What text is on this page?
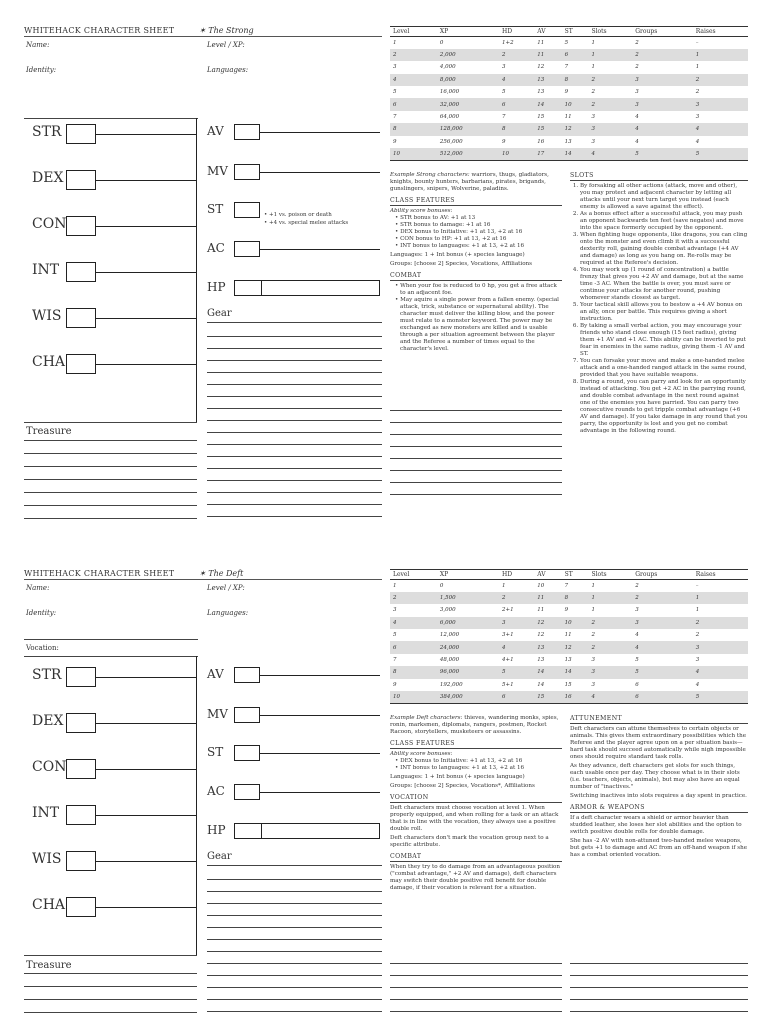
WHITEHACK CHARACTER SHEET	✶ The Strong
Name:	Level / XP:
Identity:	Languages:
STR
DEX
CON
INT
WIS
CHA
AV
MV
ST	• +1 vs. poison or death
• +4 vs. special melee attacks
AC
HP
Gear
Treasure
Level	XP	HD	AV	ST	Slots	Groups	Raises
1	0	1+2	11	5	1	2	–
2	2,000	2	11	6	1	2	1
3	4,000	3	12	7	1	2	1
4	8,000	4	13	8	2	3	2
5	16,000	5	13	9	2	3	2
6	32,000	6	14	10	2	3	3
7	64,000	7	15	11	3	4	3
8	128,000	8	15	12	3	4	4
9	256,000	9	16	13	3	4	4
10	512,000	10	17	14	4	5	5
Example Strong characters: warriors, thugs, gladiators, knights, bounty hunters, barbarians, pirates, brigands, gunslingers, snipers, Wolverine, paladins.
CLASS FEATURES
Ability score bonuses:
• STR bonus to AV: +1 at 13
• STR bonus to damage: +1 at 16
• DEX bonus to Initiative: +1 at 13, +2 at 16
• CON bonus to HP: +1 at 13, +2 at 16
• INT bonus to languages: +1 at 13, +2 at 16
Languages: 1 + Int bonus (+ species language)
Groups: [choose 2] Species, Vocations, Affiliations
COMBAT
• When your foe is reduced to 0 hp, you get a free attack to an adjacent foe.
• May aquire a single power from a fallen enemy. (special attack, trick, substance or supernatural ability). The character must deliver the killing blow, and the power must relate to a monster keyword. The power may be exchanged as new monsters are killed and is usable through a per situation agreement between the player and the Referee a number of times equal to the character's level.
SLOTS
1. By forsaking all other actions (attack, move and other), you may protect and adjacent character by letting all attacks until your next turn target you instead (each enemy is allowed a save against the effect).
2. As a bonus effect after a successful attack, you may push an opponent backwards ten feet (save negates) and move into the space formerly occupied by the opponent.
3. When fighting huge opponents, like dragons, you can cling onto the monster and even climb it with a successful dexterity roll, gaining double combat advantage (+4 AV and damage) as long as you hang on. Re-rolls may be required at the Referee's decision.
4. You may work up (1 round of concentration) a battle frenzy that gives you +2 AV and damage, but at the same time -3 AC. When the battle is over, you must save or continue your attacks for another round, pushing whomever stands closest as target.
5. Your tactical skill allows you to bestow a +4 AV bonus on an ally, once per battle. This requires giving a short instruction.
6. By taking a small verbal action, you may encourage your friends who stand close enough (15 feet radius), giving them +1 AV and +1 AC. This ability can be inverted to put fear in enemies in the same radius, giving them -1 AV and ST.
7. You can forsake your move and make a one-handed melee attack and a one-handed ranged attack in the same round, provided that you have suitable weapons.
8. During a round, you can parry and look for an opportunity instead of attacking. You get +2 AC in the parrying round, and double combat advantage in the next round against one of the enemies you have parried. You can parry two consecutive rounds to get tripple combat advantage (+6 AV and damage). If you take damage in any round that you parry, the opportunity is lost and you get no combat advantage in the following round.
WHITEHACK CHARACTER SHEET	✶ The Deft
Name:	Level / XP:
Identity:	Languages:
Vocation:
STR
DEX
CON
INT
WIS
CHA
AV
MV
ST
AC
HP
Gear
Treasure
Level	XP	HD	AV	ST	Slots	Groups	Raises
1	0	1	10	7	1	2	–
2	1,500	2	11	8	1	2	1
3	3,000	2+1	11	9	1	3	1
4	6,000	3	12	10	2	3	2
5	12,000	3+1	12	11	2	4	2
6	24,000	4	13	12	2	4	3
7	48,000	4+1	13	13	3	5	3
8	96,000	5	14	14	3	5	4
9	192,000	5+1	14	15	3	6	4
10	384,000	6	15	16	4	6	5
Example Deft characters: thieves, wandering monks, spies, ronin, marksmen, diplomats, rangers, postmen, Rocket Racoon, storytellers, musketeers or assassins.
CLASS FEATURES
Ability score bonuses:
• DEX bonus to Initiative: +1 at 13, +2 at 16
• INT bonus to languages: +1 at 13, +2 at 16
Languages: 1 + Int bonus (+ species language)
Groups: [choose 2] Species, Vocations*, Affiliations
VOCATION
Deft characters must choose vocation at level 1. When properly equipped, and when rolling for a task or an attack that is in line with the vocation, they always use a positive double roll.
Deft characters don't mark the vocation group next to a specific attribute.
COMBAT
When they try to do damage from an advantageous position ("combat advantage," +2 AV and damage), deft characters may switch their double positive roll benefit for double damage, if their vocation is relevant for a situation.
ATTUNEMENT
Deft characters can attune themselves to certain objects or animals. This gives them extraordinary possibilities which the Referee and the player agree upon on a per situation basis—hard task should succeed automatically while nigh impossible ones should require standard task rolls.
As they advance, deft characters get slots for such things, each usable once per day. They choose what is in their slots (i.e. teachers, objects, animals), but may also have an equal number of "inactives."
Switching inactives into slots requires a day spent in practice.
ARMOR & WEAPONS
If a deft character wears a shield or armor heavier than studded leather, she loses her slot abilities and the option to switch positive double rolls for double damage.
She has -2 AV with non-attuned two-handed melee weapons, but gets +1 to damage and AC from an off-hand weapon if she has a combat oriented vocation.
